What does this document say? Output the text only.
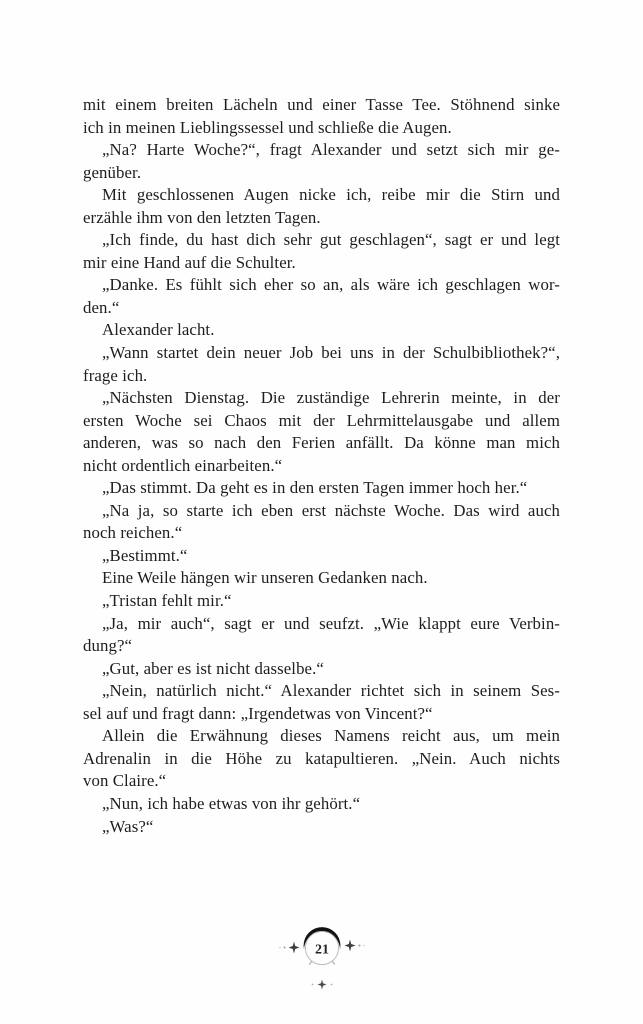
mit einem breiten Lächeln und einer Tasse Tee. Stöhnend sinke
ich in meinen Lieblingssessel und schließe die Augen.
„Na? Harte Woche?“, fragt Alexander und setzt sich mir ge-
genüber.
Mit geschlossenen Augen nicke ich, reibe mir die Stirn und
erzähle ihm von den letzten Tagen.
„Ich finde, du hast dich sehr gut geschlagen“, sagt er und legt
mir eine Hand auf die Schulter.
„Danke. Es fühlt sich eher so an, als wäre ich geschlagen wor-
den.“
Alexander lacht.
„Wann startet dein neuer Job bei uns in der Schulbibliothek?“,
frage ich.
„Nächsten Dienstag. Die zuständige Lehrerin meinte, in der
ersten Woche sei Chaos mit der Lehrmittelausgabe und allem
anderen, was so nach den Ferien anfällt. Da könne man mich
nicht ordentlich einarbeiten.“
„Das stimmt. Da geht es in den ersten Tagen immer hoch her.“
„Na ja, so starte ich eben erst nächste Woche. Das wird auch
noch reichen.“
„Bestimmt.“
Eine Weile hängen wir unseren Gedanken nach.
„Tristan fehlt mir.“
„Ja, mir auch“, sagt er und seufzt. „Wie klappt eure Verbin-
dung?“
„Gut, aber es ist nicht dasselbe.“
„Nein, natürlich nicht.“ Alexander richtet sich in seinem Ses-
sel auf und fragt dann: „Irgendetwas von Vincent?“
Allein die Erwähnung dieses Namens reicht aus, um mein
Adrenalin in die Höhe zu katapultieren. „Nein. Auch nichts
von Claire.“
„Nun, ich habe etwas von ihr gehört.“
„Was?“
21
